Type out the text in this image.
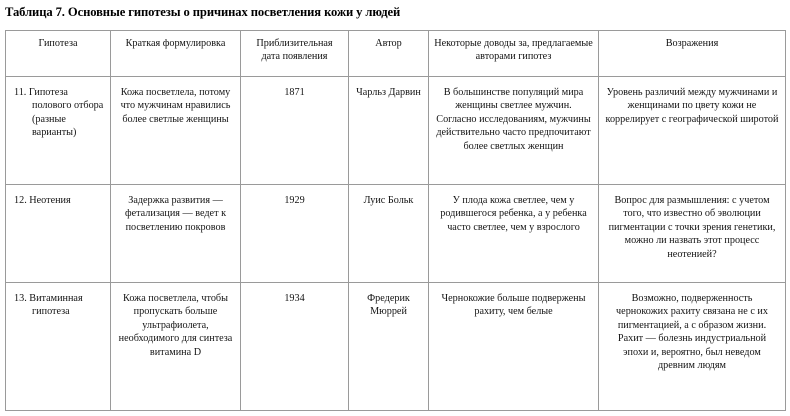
Таблица 7. Основные гипотезы о причинах посветления кожи у людей
Гипотеза	Краткая формулировка	Приблизительная дата появления	Автор	Некоторые доводы за, предлагаемые авторами гипотез	Возражения

11. Гипотеза полового отбора (разные варианты)	Кожа посветлела, потому что мужчинам нравились более светлые женщины	1871	Чарльз Дарвин	В большинстве популяций мира женщины светлее мужчин. Согласно исследованиям, мужчины действительно часто предпочитают более светлых женщин	Уровень различий между мужчинами и женщинами по цвету кожи не коррелирует с географической широтой

12. Неотения	Задержка развития — фетализация — ведет к посветлению покровов	1929	Луис Больк	У плода кожа светлее, чем у родившегося ребенка, а у ребенка часто светлее, чем у взрослого	Вопрос для размышления: с учетом того, что известно об эволюции пигментации с точки зрения генетики, можно ли назвать этот процесс неотенией?

13. Витаминная гипотеза	Кожа посветлела, чтобы пропускать больше ультрафиолета, необходимого для синтеза витамина D	1934	Фредерик Мюррей	Чернокожие больше подвержены рахиту, чем белые	Возможно, подверженность чернокожих рахиту связана не с их пигментацией, а с образом жизни. Рахит — болезнь индустриальной эпохи и, вероятно, был неведом древним людям
